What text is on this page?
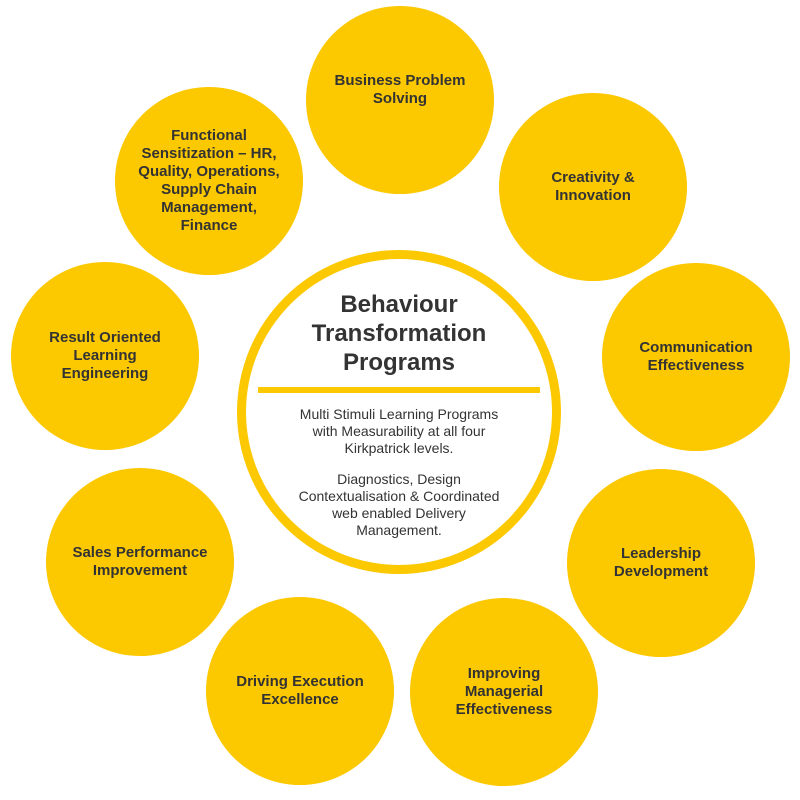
Business Problem
Solving
Creativity &
Innovation
Communication
Effectiveness
Leadership
Development
Improving
Managerial
Effectiveness
Driving Execution
Excellence
Sales Performance
Improvement
Result Oriented
Learning
Engineering
Functional
Sensitization – HR,
Quality, Operations,
Supply Chain
Management,
Finance
Behaviour
Transformation
Programs
Multi Stimuli Learning Programs
with Measurability at all four
Kirkpatrick levels.
Diagnostics, Design
Contextualisation & Coordinated
web enabled Delivery
Management.
